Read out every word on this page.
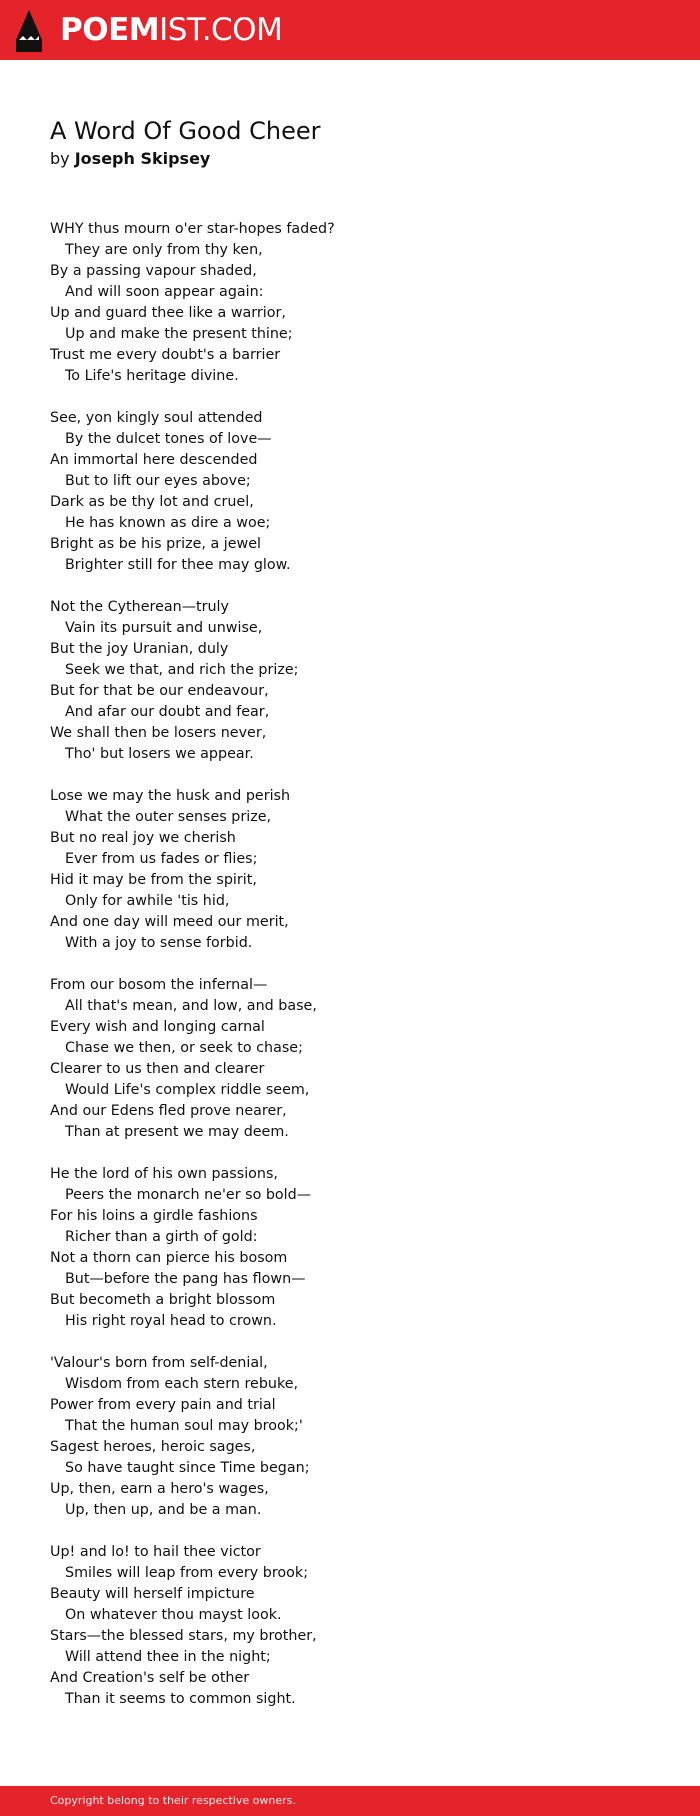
POEMIST.COM
A Word Of Good Cheer

by Joseph Skipsey

WHY thus mourn o'er star-hopes faded?
They are only from thy ken,
By a passing vapour shaded,
And will soon appear again:
Up and guard thee like a warrior,
Up and make the present thine;
Trust me every doubt's a barrier
To Life's heritage divine.
See, yon kingly soul attended
By the dulcet tones of love—
An immortal here descended
But to lift our eyes above;
Dark as be thy lot and cruel,
He has known as dire a woe;
Bright as be his prize, a jewel
Brighter still for thee may glow.
Not the Cytherean—truly
Vain its pursuit and unwise,
But the joy Uranian, duly
Seek we that, and rich the prize;
But for that be our endeavour,
And afar our doubt and fear,
We shall then be losers never,
Tho' but losers we appear.
Lose we may the husk and perish
What the outer senses prize,
But no real joy we cherish
Ever from us fades or flies;
Hid it may be from the spirit,
Only for awhile 'tis hid,
And one day will meed our merit,
With a joy to sense forbid.
From our bosom the infernal—
All that's mean, and low, and base,
Every wish and longing carnal
Chase we then, or seek to chase;
Clearer to us then and clearer
Would Life's complex riddle seem,
And our Edens fled prove nearer,
Than at present we may deem.
He the lord of his own passions,
Peers the monarch ne'er so bold—
For his loins a girdle fashions
Richer than a girth of gold:
Not a thorn can pierce his bosom
But—before the pang has flown—
But becometh a bright blossom
His right royal head to crown.
'Valour's born from self-denial,
Wisdom from each stern rebuke,
Power from every pain and trial
That the human soul may brook;'
Sagest heroes, heroic sages,
So have taught since Time began;
Up, then, earn a hero's wages,
Up, then up, and be a man.
Up! and lo! to hail thee victor
Smiles will leap from every brook;
Beauty will herself impicture
On whatever thou mayst look.
Stars—the blessed stars, my brother,
Will attend thee in the night;
And Creation's self be other
Than it seems to common sight.
Copyright belong to their respective owners.
